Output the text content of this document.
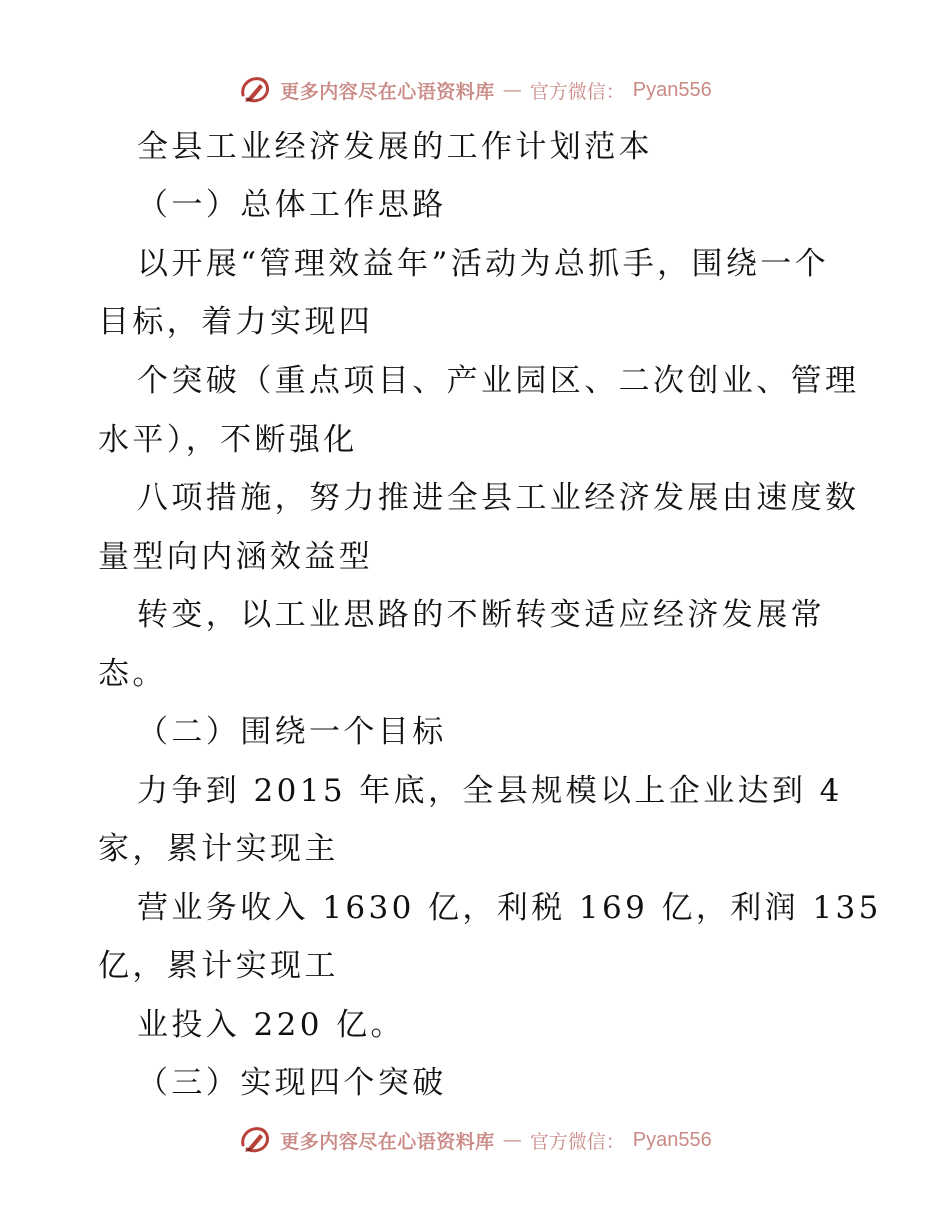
更多内容尽在心语资料库 — 官方微信： Pyan556
全县工业经济发展的工作计划范本
（一）总体工作思路
以开展“管理效益年”活动为总抓手，围绕一个
目标，着力实现四
个突破（重点项目、产业园区、二次创业、管理
水平），不断强化
八项措施，努力推进全县工业经济发展由速度数
量型向内涵效益型
转变，以工业思路的不断转变适应经济发展常
态。
（二）围绕一个目标
力争到 2015 年底，全县规模以上企业达到 4
家，累计实现主
营业务收入 1630 亿，利税 169 亿，利润 135
亿，累计实现工
业投入 220 亿。
（三）实现四个突破
更多内容尽在心语资料库 — 官方微信： Pyan556
